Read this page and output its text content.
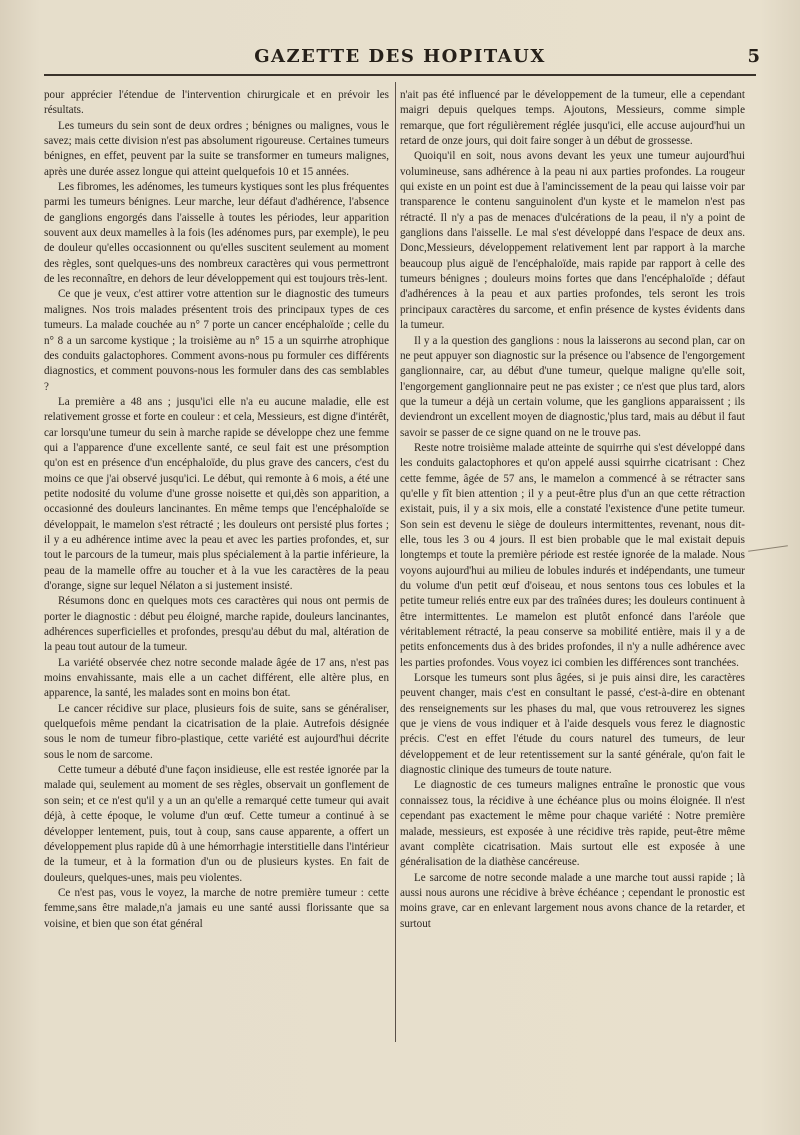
GAZETTE DES HOPITAUX	5

pour apprécier l'étendue de l'intervention chirurgicale et en prévoir les résultats.

Les tumeurs du sein sont de deux ordres ; bénignes ou malignes, vous le savez; mais cette division n'est pas absolument rigoureuse. Certaines tumeurs bénignes, en effet, peuvent par la suite se transformer en tumeurs malignes, après une durée assez longue qui atteint quelquefois 10 et 15 années.

Les fibromes, les adénomes, les tumeurs kystiques sont les plus fréquentes parmi les tumeurs bénignes. Leur marche, leur défaut d'adhérence, l'absence de ganglions engorgés dans l'aisselle à toutes les périodes, leur apparition souvent aux deux mamelles à la fois (les adénomes purs, par exemple), le peu de douleur qu'elles occasionnent ou qu'elles suscitent seulement au moment des règles, sont quelques-uns des nombreux caractères qui vous permettront de les reconnaître, en dehors de leur développement qui est toujours très-lent.

Ce que je veux, c'est attirer votre attention sur le diagnostic des tumeurs malignes. Nos trois malades présentent trois des principaux types de ces tumeurs. La malade couchée au n° 7 porte un cancer encéphaloïde ; celle du n° 8 a un sarcome kystique ; la troisième au n° 15 a un squirrhe atrophique des conduits galactophores. Comment avons-nous pu formuler ces différents diagnostics, et comment pouvons-nous les formuler dans des cas semblables ?

La première a 48 ans ; jusqu'ici elle n'a eu aucune maladie, elle est relativement grosse et forte en couleur : et cela, Messieurs, est digne d'intérêt, car lorsqu'une tumeur du sein à marche rapide se développe chez une femme qui a l'apparence d'une excellente santé, ce seul fait est une présomption qu'on est en présence d'un encéphaloïde, du plus grave des cancers, c'est du moins ce que j'ai observé jusqu'ici. Le début, qui remonte à 6 mois, a été une petite nodosité du volume d'une grosse noisette et qui,dès son apparition, a occasionné des douleurs lancinantes. En même temps que l'encéphaloïde se développait, le mamelon s'est rétracté ; les douleurs ont persisté plus fortes ; il y a eu adhérence intime avec la peau et avec les parties profondes, et, sur tout le parcours de la tumeur, mais plus spécialement à la partie inférieure, la peau de la mamelle offre au toucher et à la vue les caractères de la peau d'orange, signe sur lequel Nélaton a si justement insisté.

Résumons donc en quelques mots ces caractères qui nous ont permis de porter le diagnostic : début peu éloigné, marche rapide, douleurs lancinantes, adhérences superficielles et profondes, presqu'au début du mal, altération de la peau tout autour de la tumeur.

La variété observée chez notre seconde malade âgée de 17 ans, n'est pas moins envahissante, mais elle a un cachet différent, elle altère plus, en apparence, la santé, les malades sont en moins bon état.

Le cancer récidive sur place, plusieurs fois de suite, sans se généraliser, quelquefois même pendant la cicatrisation de la plaie. Autrefois désignée sous le nom de tumeur fibro-plastique, cette variété est aujourd'hui décrite sous le nom de sarcome.

Cette tumeur a débuté d'une façon insidieuse, elle est restée ignorée par la malade qui, seulement au moment de ses règles, observait un gonflement de son sein; et ce n'est qu'il y a un an qu'elle a remarqué cette tumeur qui avait déjà, à cette époque, le volume d'un œuf. Cette tumeur a continué à se développer lentement, puis, tout à coup, sans cause apparente, a offert un développement plus rapide dû à une hémorrhagie interstitielle dans l'intérieur de la tumeur, et à la formation d'un ou de plusieurs kystes. En fait de douleurs, quelques-unes, mais peu violentes.

Ce n'est pas, vous le voyez, la marche de notre première tumeur : cette femme,sans être malade,n'a jamais eu une santé aussi florissante que sa voisine, et bien que son état général

n'ait pas été influencé par le développement de la tumeur, elle a cependant maigri depuis quelques temps. Ajoutons, Messieurs, comme simple remarque, que fort régulièrement réglée jusqu'ici, elle accuse aujourd'hui un retard de onze jours, qui doit faire songer à un début de grossesse.

Quoiqu'il en soit, nous avons devant les yeux une tumeur aujourd'hui volumineuse, sans adhérence à la peau ni aux parties profondes. La rougeur qui existe en un point est due à l'amincissement de la peau qui laisse voir par transparence le contenu sanguinolent d'un kyste et le mamelon n'est pas rétracté. Il n'y a pas de menaces d'ulcérations de la peau, il n'y a point de ganglions dans l'aisselle. Le mal s'est développé dans l'espace de deux ans. Donc,Messieurs, développement relativement lent par rapport à la marche beaucoup plus aiguë de l'encéphaloïde, mais rapide par rapport à celle des tumeurs bénignes ; douleurs moins fortes que dans l'encéphaloïde ; défaut d'adhérences à la peau et aux parties profondes, tels seront les trois principaux caractères du sarcome, et enfin présence de kystes évidents dans la tumeur.

Il y a la question des ganglions : nous la laisserons au second plan, car on ne peut appuyer son diagnostic sur la présence ou l'absence de l'engorgement ganglionnaire, car, au début d'une tumeur, quelque maligne qu'elle soit, l'engorgement ganglionnaire peut ne pas exister ; ce n'est que plus tard, alors que la tumeur a déjà un certain volume, que les ganglions apparaissent ; ils deviendront un excellent moyen de diagnostic,'plus tard, mais au début il faut savoir se passer de ce signe quand on ne le trouve pas.

Reste notre troisième malade atteinte de squirrhe qui s'est développé dans les conduits galactophores et qu'on appelé aussi squirrhe cicatrisant : Chez cette femme, âgée de 57 ans, le mamelon a commencé à se rétracter sans qu'elle y fît bien attention ; il y a peut-être plus d'un an que cette rétraction existait, puis, il y a six mois, elle a constaté l'existence d'une petite tumeur. Son sein est devenu le siège de douleurs intermittentes, revenant, nous dit-elle, tous les 3 ou 4 jours. Il est bien probable que le mal existait depuis longtemps et toute la première période est restée ignorée de la malade. Nous voyons aujourd'hui au milieu de lobules indurés et indépendants, une tumeur du volume d'un petit œuf d'oiseau, et nous sentons tous ces lobules et la petite tumeur reliés entre eux par des traînées dures; les douleurs continuent à être intermittentes. Le mamelon est plutôt enfoncé dans l'aréole que véritablement rétracté, la peau conserve sa mobilité entière, mais il y a de petits enfoncements dus à des brides profondes, il n'y a nulle adhérence avec les parties profondes. Vous voyez ici combien les différences sont tranchées.

Lorsque les tumeurs sont plus âgées, si je puis ainsi dire, les caractères peuvent changer, mais c'est en consultant le passé, c'est-à-dire en obtenant des renseignements sur les phases du mal, que vous retrouverez les signes que je viens de vous indiquer et à l'aide desquels vous ferez le diagnostic précis. C'est en effet l'étude du cours naturel des tumeurs, de leur développement et de leur retentissement sur la santé générale, qu'on fait le diagnostic clinique des tumeurs de toute nature.

Le diagnostic de ces tumeurs malignes entraîne le pronostic que vous connaissez tous, la récidive à une échéance plus ou moins éloignée. Il n'est cependant pas exactement le même pour chaque variété : Notre première malade, messieurs, est exposée à une récidive très rapide, peut-être même avant complète cicatrisation. Mais surtout elle est exposée à une généralisation de la diathèse cancéreuse.

Le sarcome de notre seconde malade a une marche tout aussi rapide ; là aussi nous aurons une récidive à brève échéance ; cependant le pronostic est moins grave, car en enlevant largement nous avons chance de la retarder, et surtout
